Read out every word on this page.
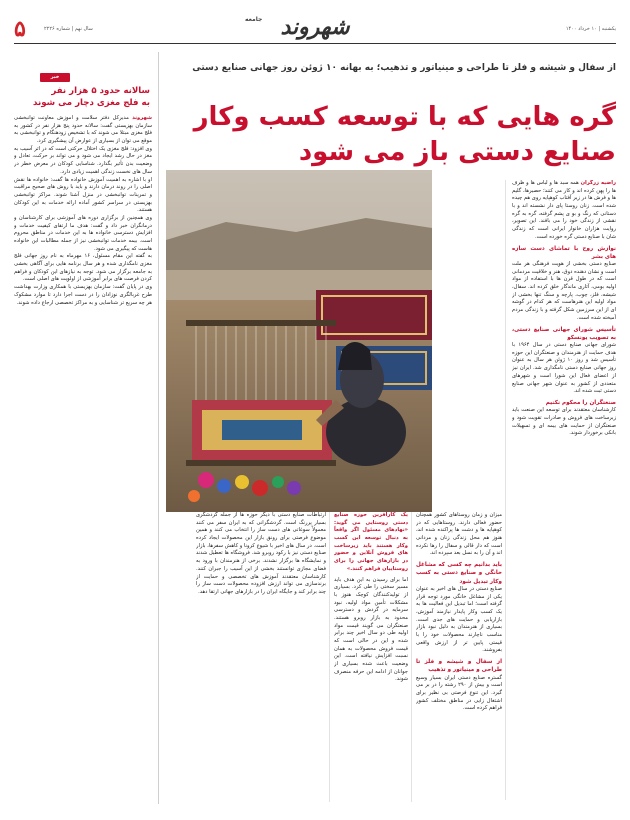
یکشنبه | ۱۰ خرداد ۱۴۰۰
جامعه شهروند
سال نهم | شماره ۲۲۲۶
۵
از سفال و شیشه و فلز تا طراحی و مینیاتور و تذهیب؛ به بهانه ۱۰ ژوئن روز جهانی صنایع دستی
گره هایی که با توسعه کسب وکار
صنایع دستی باز می شود
راضیه زرگران همه سبد ها و لباس ها و ظرف ها را پهن کرده اند و کار می کنند؛ حصیرها، گلیم ها و فرش ها در زیر آفتاب کوهپایه روی هم چیده شده است. زنان روستا پای دار نشسته اند و با دستانی که رنگ و بو ی پشم گرفته، گره به گره نقشی از زندگی خود را می بافند. این تصویر، روایت هزاران خانوار ایرانی است که زندگی شان با صنایع دستی گره خورده است.
نوازش روح با تماشای دست سازه های بشر
صنایع دستی بخشی از هویت فرهنگی هر ملت است و نشان دهنده ذوق، هنر و خلاقیت مردمانی است که در طول قرن ها با استفاده از مواد اولیه بومی، آثاری ماندگار خلق کرده اند. سفال، شیشه، فلز، چوب، پارچه و سنگ تنها بخشی از مواد اولیه این هنرهاست که هر کدام در گوشه ای از این سرزمین شکل گرفته و با زندگی مردم آمیخته شده است.
تأسیس شورای جهانی صنایع دستی، به تصویب یونسکو
شورای جهانی صنایع دستی در سال ۱۹۶۴ با هدف حمایت از هنرمندان و صنعتگران این حوزه تأسیس شد و روز ۱۰ ژوئن هر سال به عنوان روز جهانی صنایع دستی نامگذاری شد. ایران نیز از اعضای فعال این شورا است و شهرهای متعددی از کشور به عنوان شهر جهانی صنایع دستی ثبت شده اند.
صنعتگران را محکوم نکنیم
کارشناسان معتقدند برای توسعه این صنعت باید زیرساخت های فروش و صادرات تقویت شود و صنعتگران از حمایت های بیمه ای و تسهیلات بانکی برخوردار شوند.
میزان و زمان روستاهای کشور همچنان حضور فعالی دارند. روستاهایی که در کوهپایه ها و دشت ها پراکنده شده اند، هنوز هم محل زندگی زنان و مردانی است که دار قالی و سفال را رها نکرده اند و آن را به نسل بعد سپرده اند.
باید بدانیم چه کسی که مشاغل خانگی و صنایع دستی به کسب وکار تبدیل شود
صنایع دستی در سال های اخیر به عنوان یکی از مشاغل خانگی مورد توجه قرار گرفته است؛ اما تبدیل این فعالیت ها به یک کسب وکار پایدار نیازمند آموزش، بازاریابی و حمایت های جدی است. بسیاری از هنرمندان به دلیل نبود بازار مناسب ناچارند محصولات خود را با قیمتی پایین تر از ارزش واقعی بفروشند.
از سفال و شیشه و فلز تا طراحی و مینیاتور و تذهیب
گستره صنایع دستی ایران بسیار وسیع است و بیش از ۲۹۰ رشته را در بر می گیرد. این تنوع فرصتی بی نظیر برای اشتغال زایی در مناطق مختلف کشور فراهم کرده است.
یک کارآفرین حوزه صنایع دستی روستایی می گوید: «نهادهای مسئول اگر واقعاً به دنبال توسعه این کسب وکار هستند باید زیرساخت های فروش آنلاین و حضور در بازارهای جهانی را برای روستاییان فراهم کنند.»
اما برای رسیدن به این هدف باید مسیر سختی را طی کرد. بسیاری از تولیدکنندگان کوچک هنوز با مشکلات تأمین مواد اولیه، نبود سرمایه در گردش و دسترسی محدود به بازار روبرو هستند. صنعتگران می گویند قیمت مواد اولیه طی دو سال اخیر چند برابر شده و این در حالی است که قیمت فروش محصولات به همان نسبت افزایش نیافته است. این وضعیت باعث شده بسیاری از جوانان از ادامه این حرفه منصرف شوند.
ارتباطات صنایع دستی با دیگر حوزه ها از جمله گردشگری بسیار پررنگ است. گردشگرانی که به ایران سفر می کنند معمولاً سوغاتی های دست ساز را انتخاب می کنند و همین موضوع فرصتی برای رونق بازار این محصولات ایجاد کرده است. در سال های اخیر با شیوع کرونا و کاهش سفرها، بازار صنایع دستی نیز با رکود روبرو شد. فروشگاه ها تعطیل شدند و نمایشگاه ها برگزار نشدند. برخی از هنرمندان با ورود به فضای مجازی توانستند بخشی از این آسیب را جبران کنند. کارشناسان معتقدند آموزش های تخصصی و حمایت از برندسازی می تواند ارزش افزوده محصولات دست ساز را چند برابر کند و جایگاه ایران را در بازارهای جهانی ارتقا دهد.
خبر
سالانه حدود ۵ هزار نفر
به فلج مغزی دچار می شوند
شهروند مدیرکل دفتر سلامت و آموزش معاونت توانبخشی سازمان بهزیستی گفت: سالانه حدود پنج هزار نفر در کشور به فلج مغزی مبتلا می شوند که با تشخیص زودهنگام و توانبخشی به موقع می توان از بسیاری از عوارض آن پیشگیری کرد.

وی افزود: فلج مغزی یک اختلال حرکتی است که در اثر آسیب به مغز در حال رشد ایجاد می شود و می تواند بر حرکت، تعادل و وضعیت بدن تأثیر بگذارد. شناسایی کودکان در معرض خطر در سال های نخست زندگی اهمیت زیادی دارد.

او با اشاره به اهمیت آموزش خانواده ها گفت: خانواده ها نقش اصلی را در روند درمان دارند و باید با روش های صحیح مراقبت و تمرینات توانبخشی در منزل آشنا شوند. مراکز توانبخشی بهزیستی در سراسر کشور آماده ارائه خدمات به این کودکان هستند.

وی همچنین از برگزاری دوره های آموزشی برای کارشناسان و درمانگران خبر داد و گفت: هدف ما ارتقای کیفیت خدمات و افزایش دسترسی خانواده ها به این خدمات در مناطق محروم است. بیمه خدمات توانبخشی نیز از جمله مطالبات این خانواده هاست که پیگیری می شود.

به گفته این مقام مسئول، ۱۶ مهرماه به نام روز جهانی فلج مغزی نامگذاری شده و هر سال برنامه هایی برای آگاهی بخشی به جامعه برگزار می شود. توجه به نیازهای این کودکان و فراهم کردن فرصت های برابر آموزشی از اولویت های اصلی است.

وی در پایان گفت: سازمان بهزیستی با همکاری وزارت بهداشت طرح غربالگری نوزادان را در دست اجرا دارد تا موارد مشکوک هر چه سریع تر شناسایی و به مراکز تخصصی ارجاع داده شوند.
